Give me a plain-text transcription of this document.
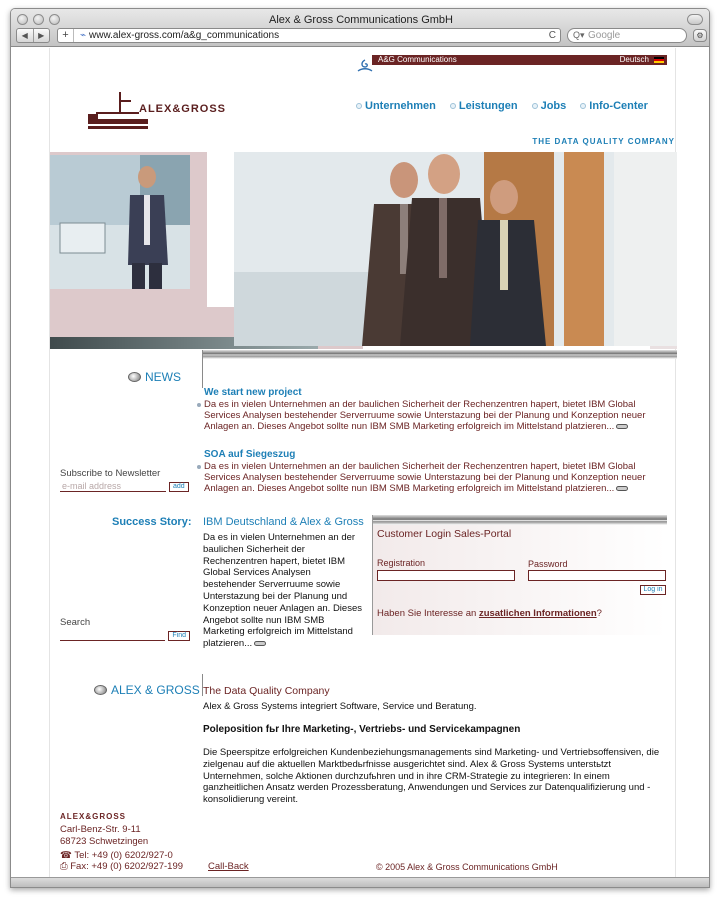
Alex & Gross Communications GmbH
◀	▶	+	⌁ www.alex-gross.com/a&g_communications	C Q▾ Google	⚙
A&G Communications	Deutsch
ALEX&GROSS	Unternehmen Leistungen Jobs Info-Center
THE DATA QUALITY COMPANY
NEWS
We start new project
Da es in vielen Unternehmen an der baulichen Sicherheit der Rechenzentren hapert, bietet IBM Global Services Analysen bestehender Serverruume sowie Unterstazung bei der Planung und Konzeption neuer Anlagen an. Dieses Angebot sollte nun IBM SMB Marketing erfolgreich im Mittelstand platzieren...
SOA auf Siegeszug
Da es in vielen Unternehmen an der baulichen Sicherheit der Rechenzentren hapert, bietet IBM Global Services Analysen bestehender Serverruume sowie Unterstazung bei der Planung und Konzeption neuer Anlagen an. Dieses Angebot sollte nun IBM SMB Marketing erfolgreich im Mittelstand platzieren...
Subscribe to Newsletter
e-mail address	add
Success Story: IBM Deutschland & Alex & Gross
Da es in vielen Unternehmen an der baulichen Sicherheit der Rechenzentren hapert, bietet IBM Global Services Analysen bestehender Serverruume sowie Unterstazung bei der Planung und Konzeption neuer Anlagen an. Dieses Angebot sollte nun IBM SMB Marketing erfolgreich im Mittelstand platzieren...
Search
Find
Customer Login Sales-Portal
Registration	Password
Log in
Haben Sie Interesse an zusatlichen Informationen?
ALEX & GROSS The Data Quality Company
Alex & Gross Systems integriert Software, Service und Beratung.
Poleposition fьr Ihre Marketing-, Vertriebs- und Servicekampagnen
Die Speerspitze erfolgreichen Kundenbeziehungsmanagements sind Marketing- und Vertriebsoffensiven, die zielgenau auf die aktuellen Marktbedьrfnisse ausgerichtet sind. Alex & Gross Systems unterstьtzt Unternehmen, solche Aktionen durchzufьhren und in ihre CRM-Strategie zu integrieren: In einem ganzheitlichen Ansatz werden Prozessberatung, Anwendungen und Services zur Datenqualifizierung und -konsolidierung vereint.
ALEX&GROSS
Carl-Benz-Str. 9-11
68723 Schwetzingen
☎ Tel: +49 (0) 6202/927-0
⎙ Fax: +49 (0) 6202/927-199	Call-Back	© 2005 Alex & Gross Communications GmbH
